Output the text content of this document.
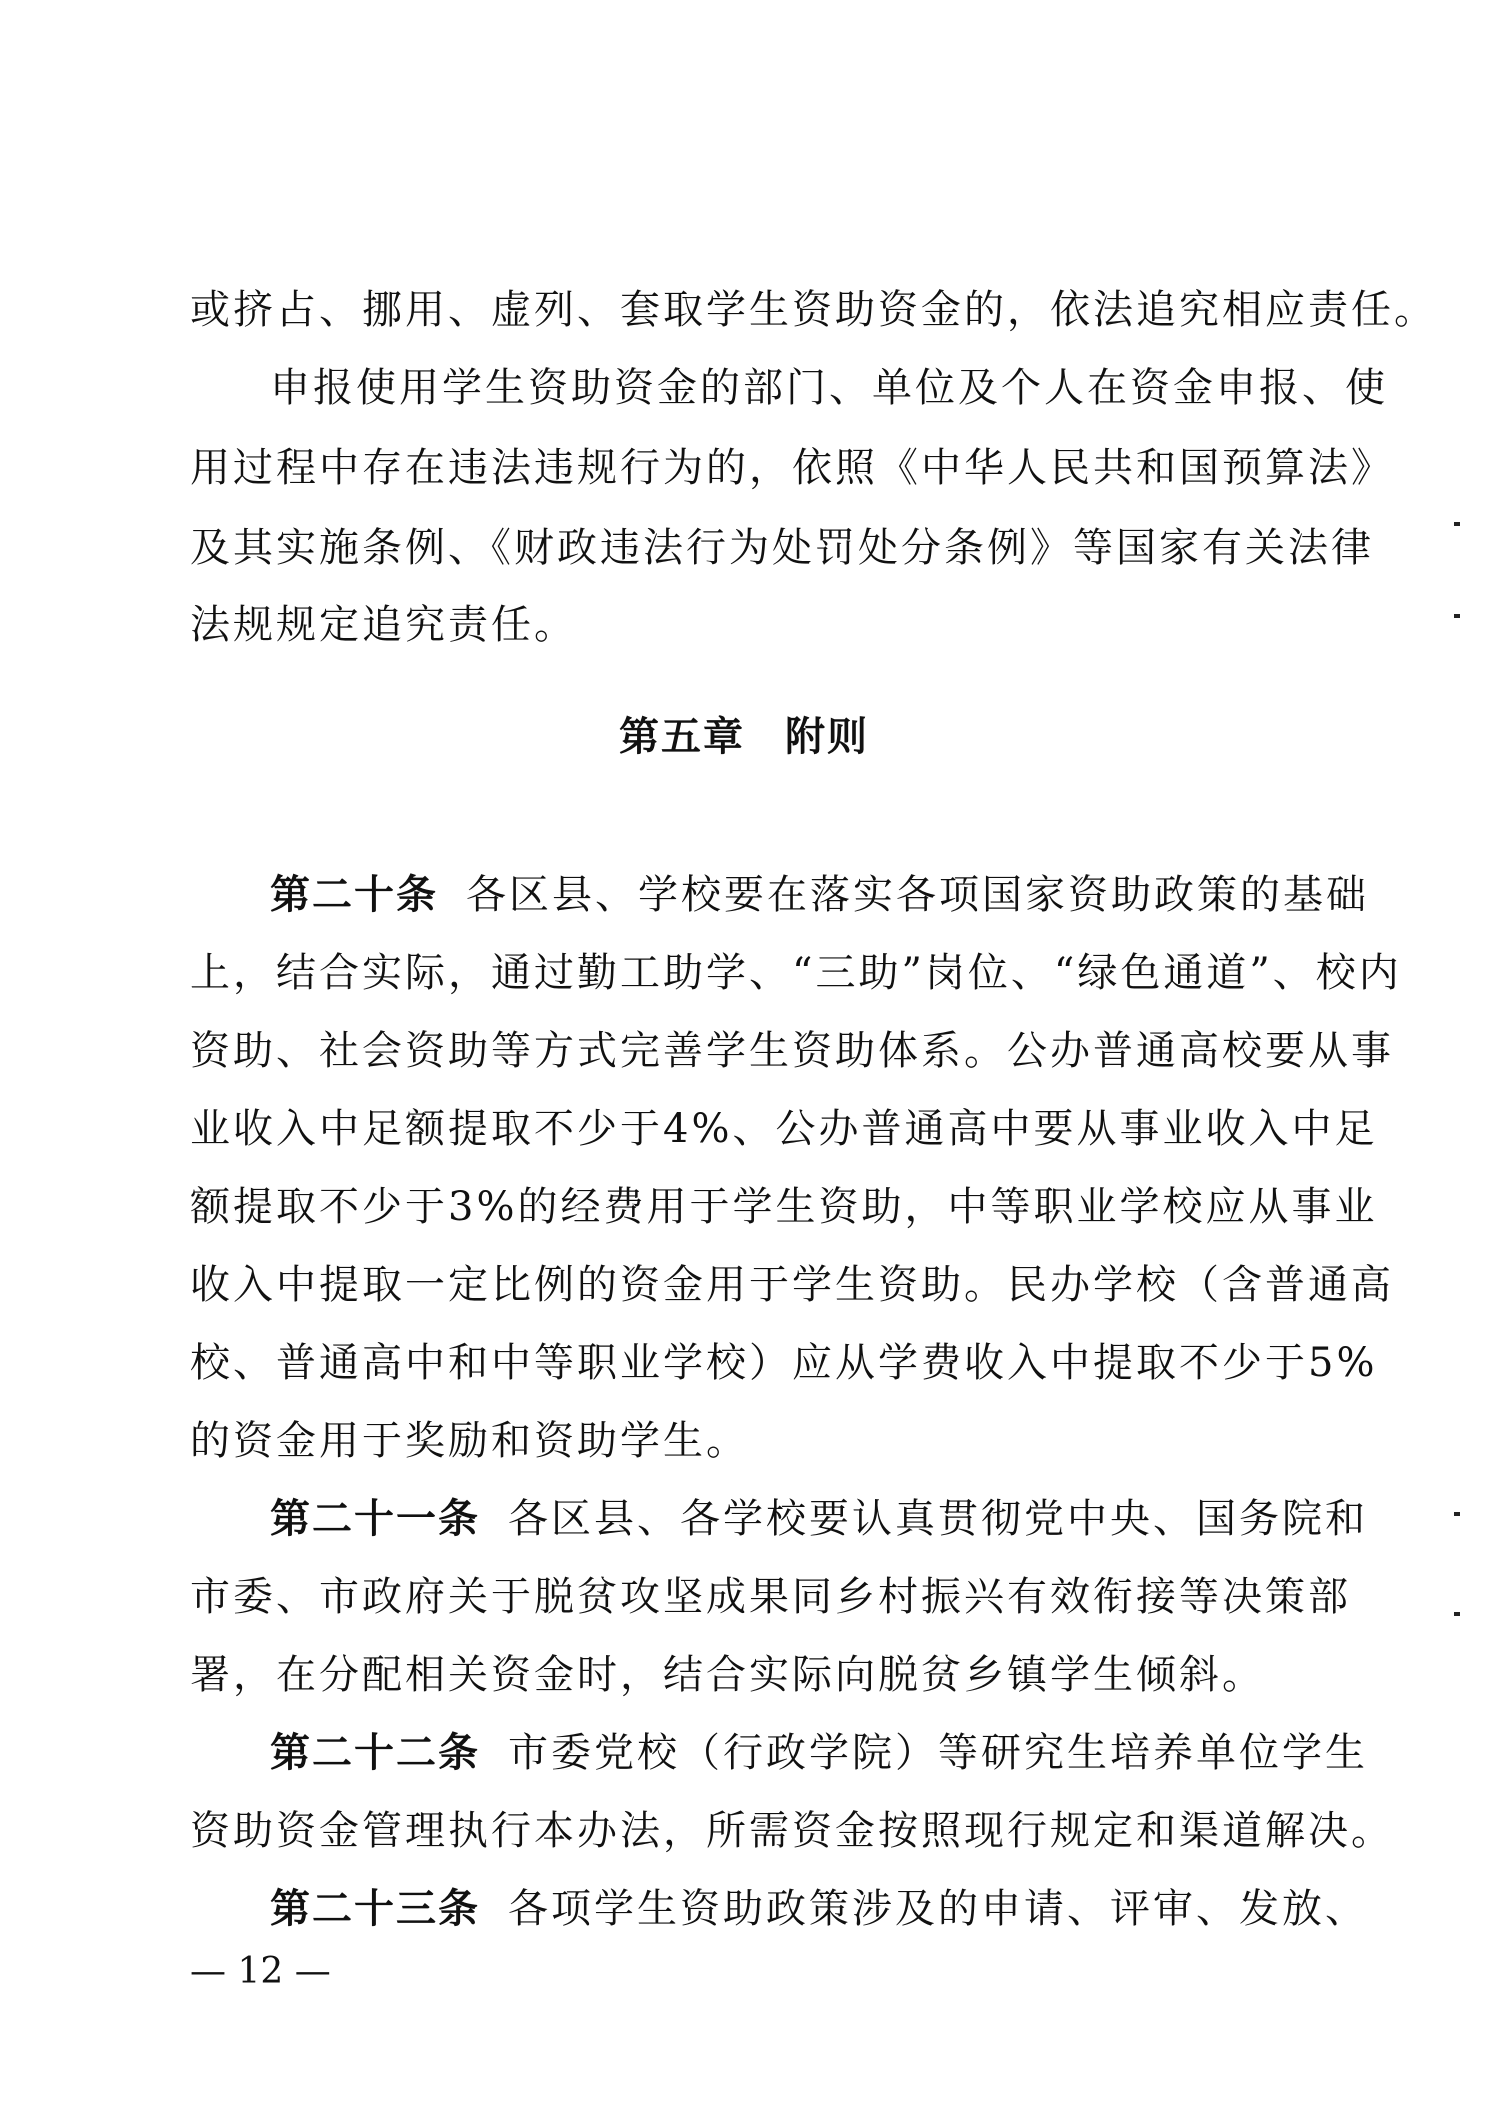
或挤占、挪用、虚列、套取学生资助资金的，依法追究相应责任。
申报使用学生资助资金的部门、单位及个人在资金申报、使
用过程中存在违法违规行为的，依照《中华人民共和国预算法》
及其实施条例、《财政违法行为处罚处分条例》等国家有关法律
法规规定追究责任。
第五章 附则
第二十条 各区县、学校要在落实各项国家资助政策的基础
上，结合实际，通过勤工助学、“三助”岗位、“绿色通道”、校内
资助、社会资助等方式完善学生资助体系。公办普通高校要从事
业收入中足额提取不少于4%、公办普通高中要从事业收入中足
额提取不少于3%的经费用于学生资助，中等职业学校应从事业
收入中提取一定比例的资金用于学生资助。民办学校（含普通高
校、普通高中和中等职业学校）应从学费收入中提取不少于5%
的资金用于奖励和资助学生。
第二十一条 各区县、各学校要认真贯彻党中央、国务院和
市委、市政府关于脱贫攻坚成果同乡村振兴有效衔接等决策部
署，在分配相关资金时，结合实际向脱贫乡镇学生倾斜。
第二十二条 市委党校（行政学院）等研究生培养单位学生
资助资金管理执行本办法，所需资金按照现行规定和渠道解决。
— 12 —
第二十三条 各项学生资助政策涉及的申请、评审、发放、
